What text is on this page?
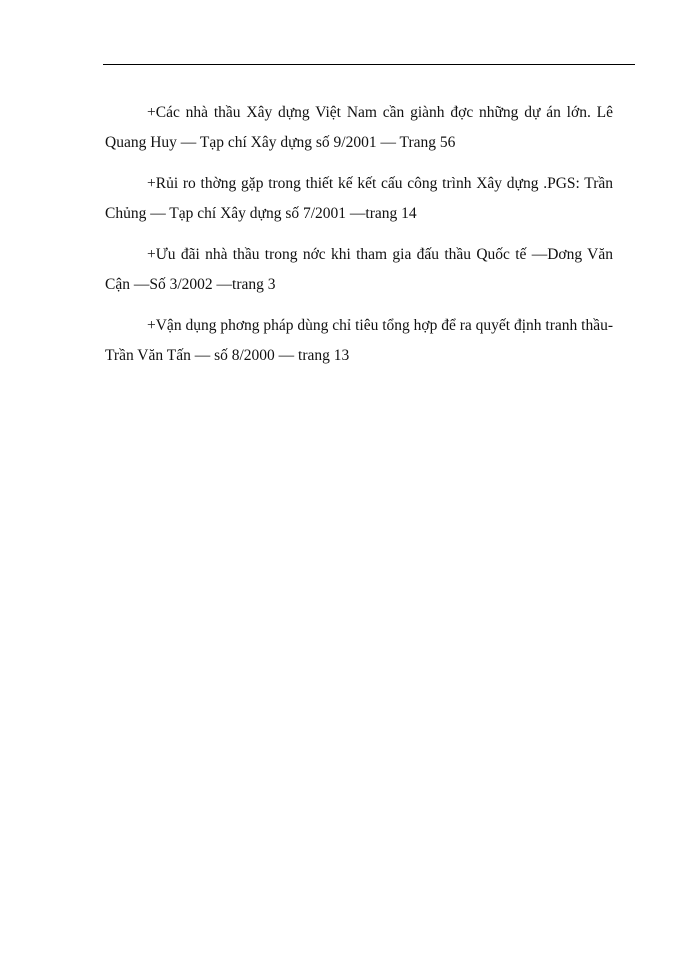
+Các nhà thầu Xây dựng Việt Nam cần giành đợc những dự án lớn. Lê Quang Huy — Tạp chí Xây dựng số 9/2001 — Trang 56

+Rủi ro thờng gặp trong thiết kế kết cấu công trình Xây dựng .PGS: Trần Chủng — Tạp chí Xây dựng số 7/2001 —trang 14

+Ưu đãi nhà thầu trong nớc khi tham gia đấu thầu Quốc tế —Dơng Văn Cận —Số 3/2002 —trang 3

+Vận dụng phơng pháp dùng chỉ tiêu tổng hợp để ra quyết định tranh thầu- Trần Văn Tấn — số 8/2000 — trang 13
